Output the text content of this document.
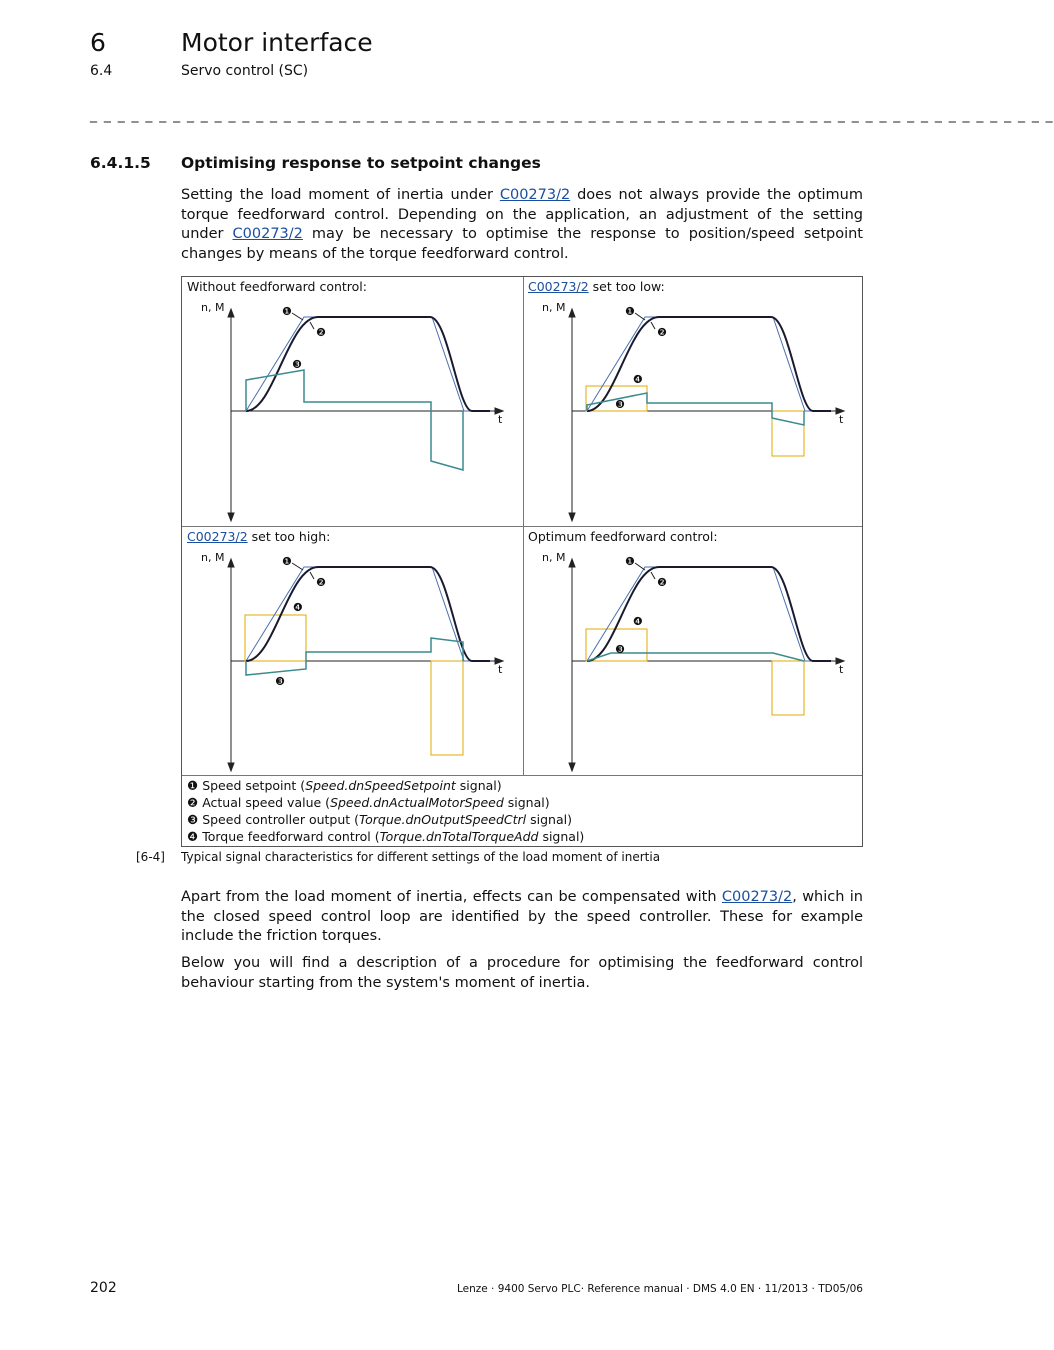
6	Motor interface
6.4	Servo control (SC)
_ _ _ _ _ _ _ _ _ _ _ _ _ _ _ _ _ _ _ _ _ _ _ _ _ _ _ _ _ _ _ _ _ _ _ _ _ _ _ _ _ _ _ _ _ _ _ _ _ _ _ _ _ _ _ _ _ _ _ _ _ _ _ _ _ _ _ _ _ _
6.4.1.5 Optimising response to setpoint changes
Setting the load moment of inertia under C00273/2 does not always provide the optimum torque feedforward control. Depending on the application, an adjustment of the setting under C00273/2 may be necessary to optimise the response to position/speed setpoint changes by means of the torque feedforward control.
Without feedforward control:
n, M
t
❶
❷
❸
C00273/2 set too low:
n, M
t
❶
❷
❸
❹
C00273/2 set too high:
n, M
t
❶
❷
❹
❸
Optimum feedforward control:
n, M
t
❶
❷
❹
❸
❶ Speed setpoint (Speed.dnSpeedSetpoint signal)
❷ Actual speed value (Speed.dnActualMotorSpeed signal)
❸ Speed controller output (Torque.dnOutputSpeedCtrl signal)
❹ Torque feedforward control (Torque.dnTotalTorqueAdd signal)
[6-4] Typical signal characteristics for different settings of the load moment of inertia
Apart from the load moment of inertia, effects can be compensated with C00273/2, which in the closed speed control loop are identified by the speed controller. These for example include the friction torques.
Below you will find a description of a procedure for optimising the feedforward control behaviour starting from the system's moment of inertia.
202	Lenze · 9400 Servo PLC· Reference manual · DMS 4.0 EN · 11/2013 · TD05/06
